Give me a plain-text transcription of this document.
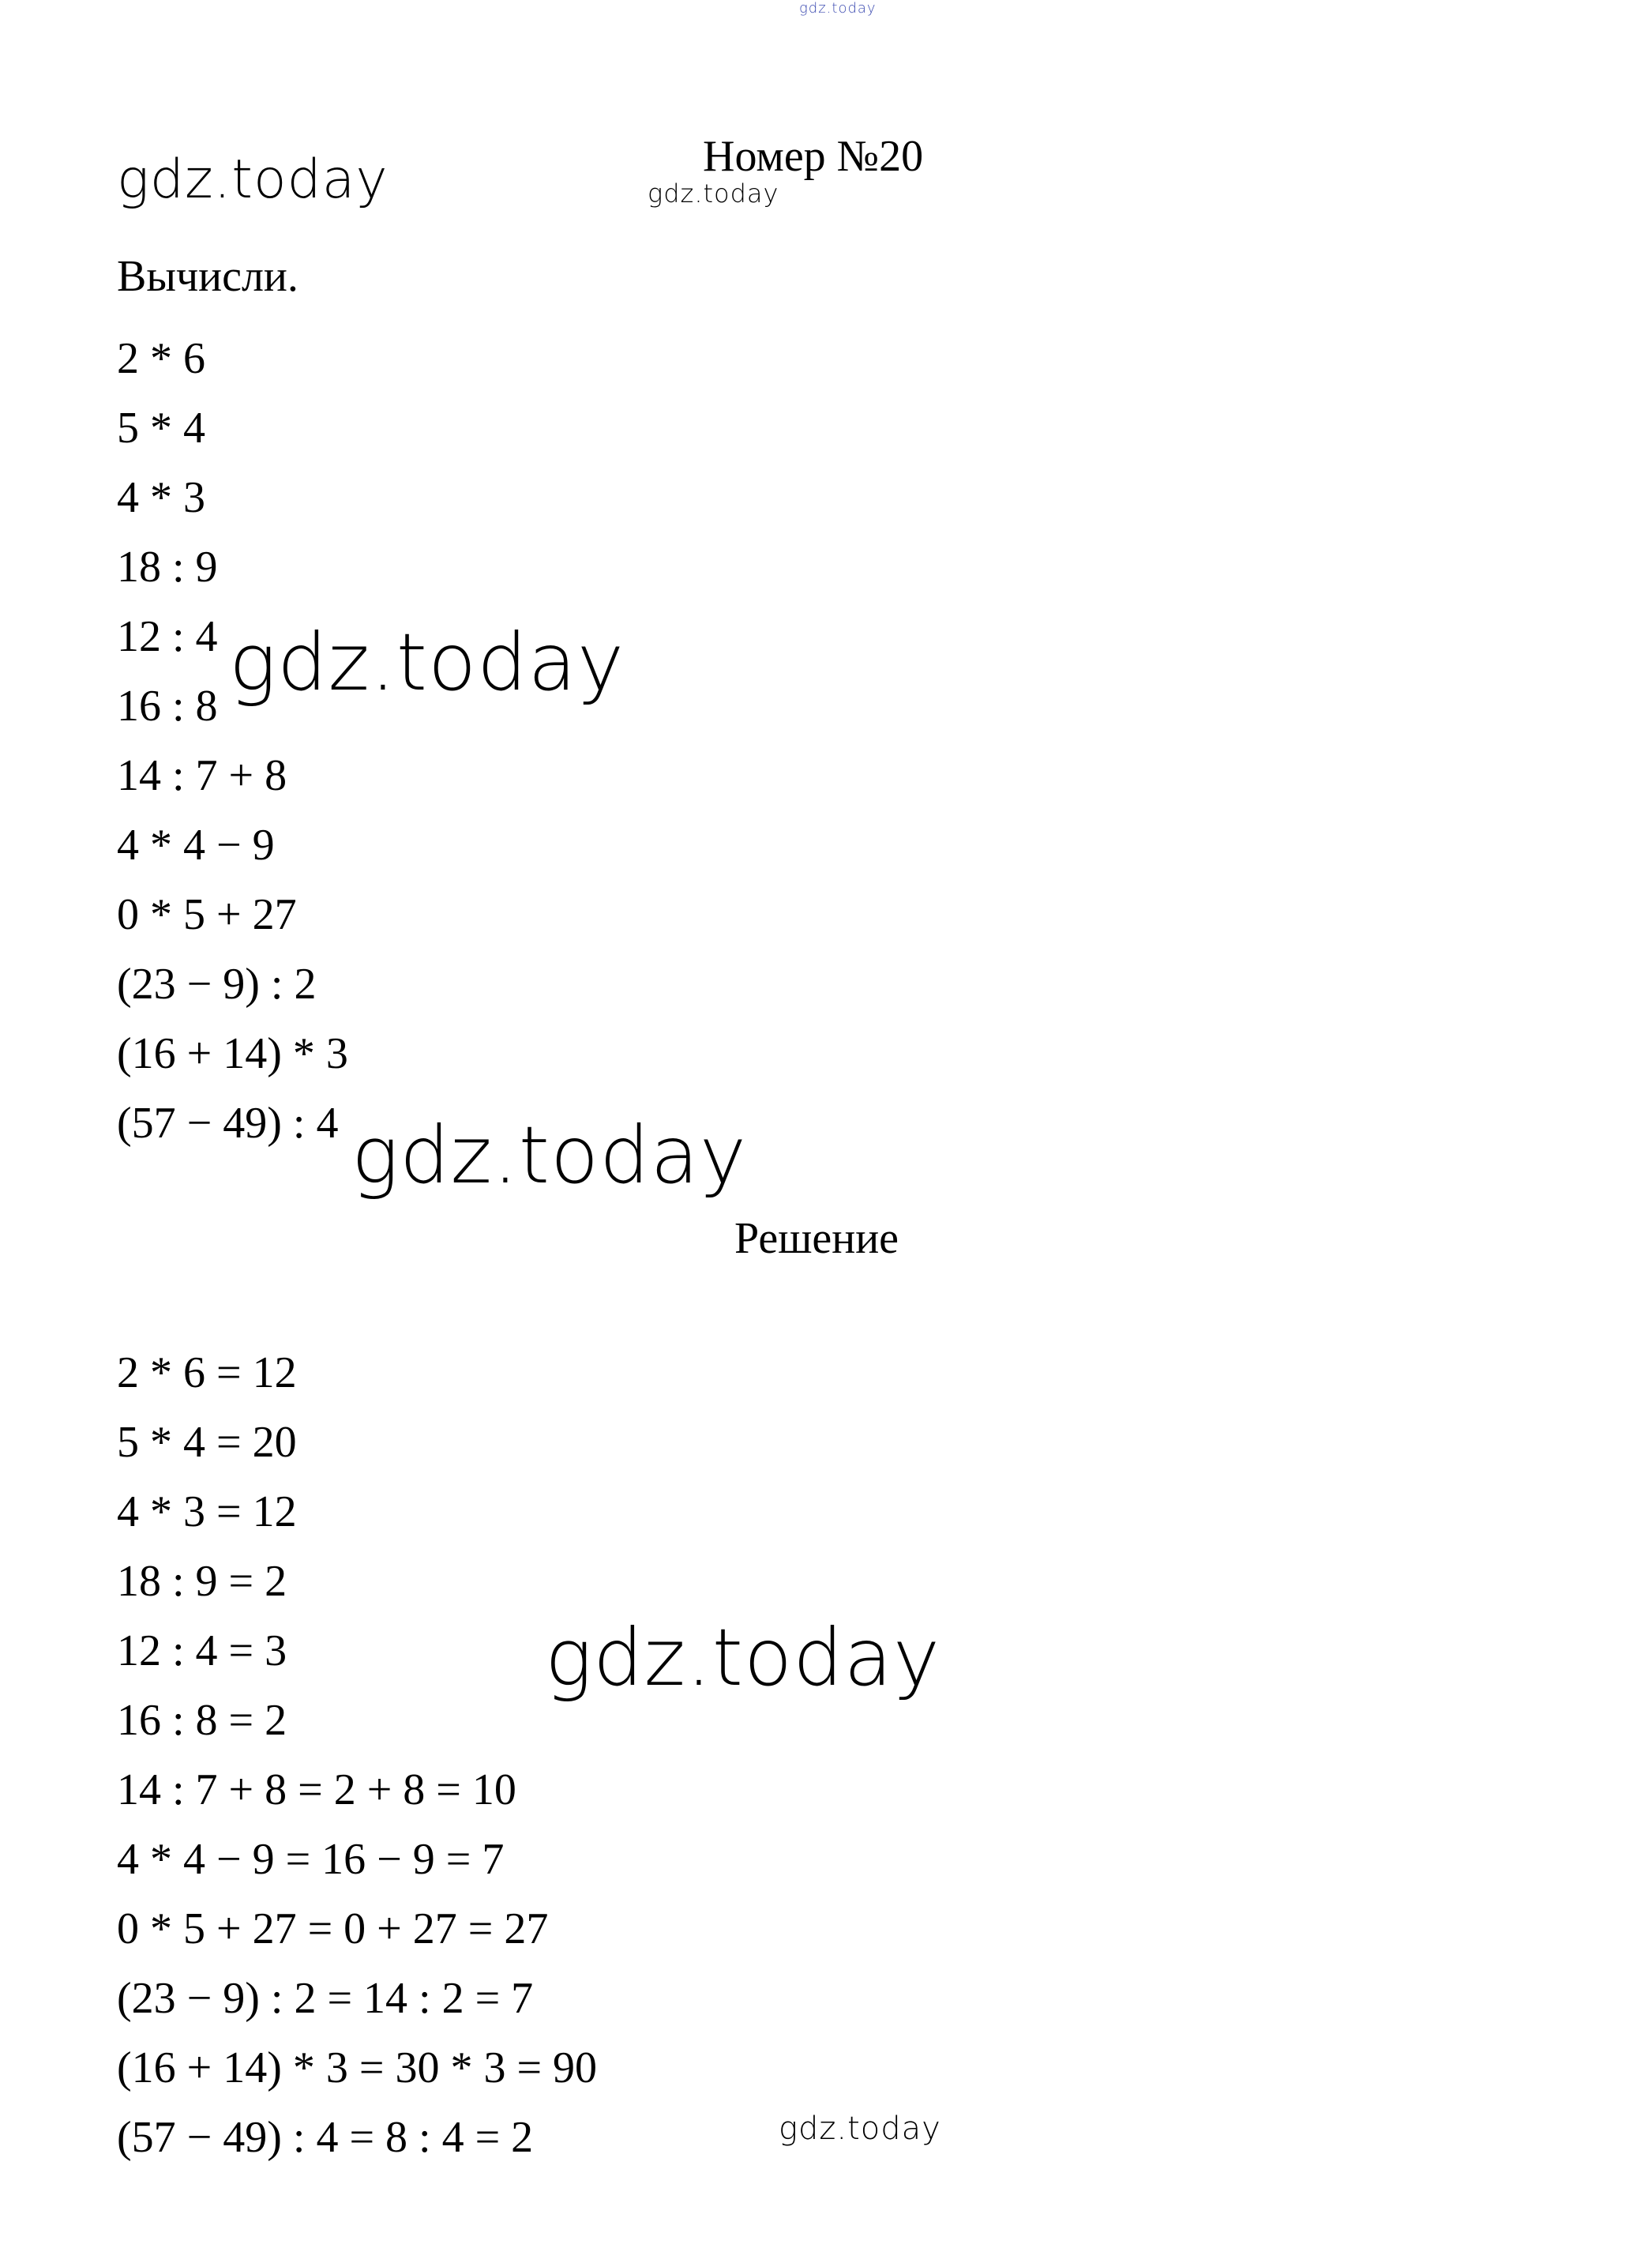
gdz.today
gdz.today	Номер №20
gdz.today
Вычисли.
2 * 6
5 * 4
4 * 3
18 : 9
12 : 4
16 : 8
14 : 7 + 8
4 * 4 − 9
0 * 5 + 27
(23 − 9) : 2
(16 + 14) * 3
(57 − 49) : 4
gdz.today
gdz.today
Решение
2 * 6 = 12
5 * 4 = 20
4 * 3 = 12
18 : 9 = 2
12 : 4 = 3
16 : 8 = 2
14 : 7 + 8 = 2 + 8 = 10
4 * 4 − 9 = 16 − 9 = 7
0 * 5 + 27 = 0 + 27 = 27
(23 − 9) : 2 = 14 : 2 = 7
(16 + 14) * 3 = 30 * 3 = 90
(57 − 49) : 4 = 8 : 4 = 2
gdz.today
gdz.today
